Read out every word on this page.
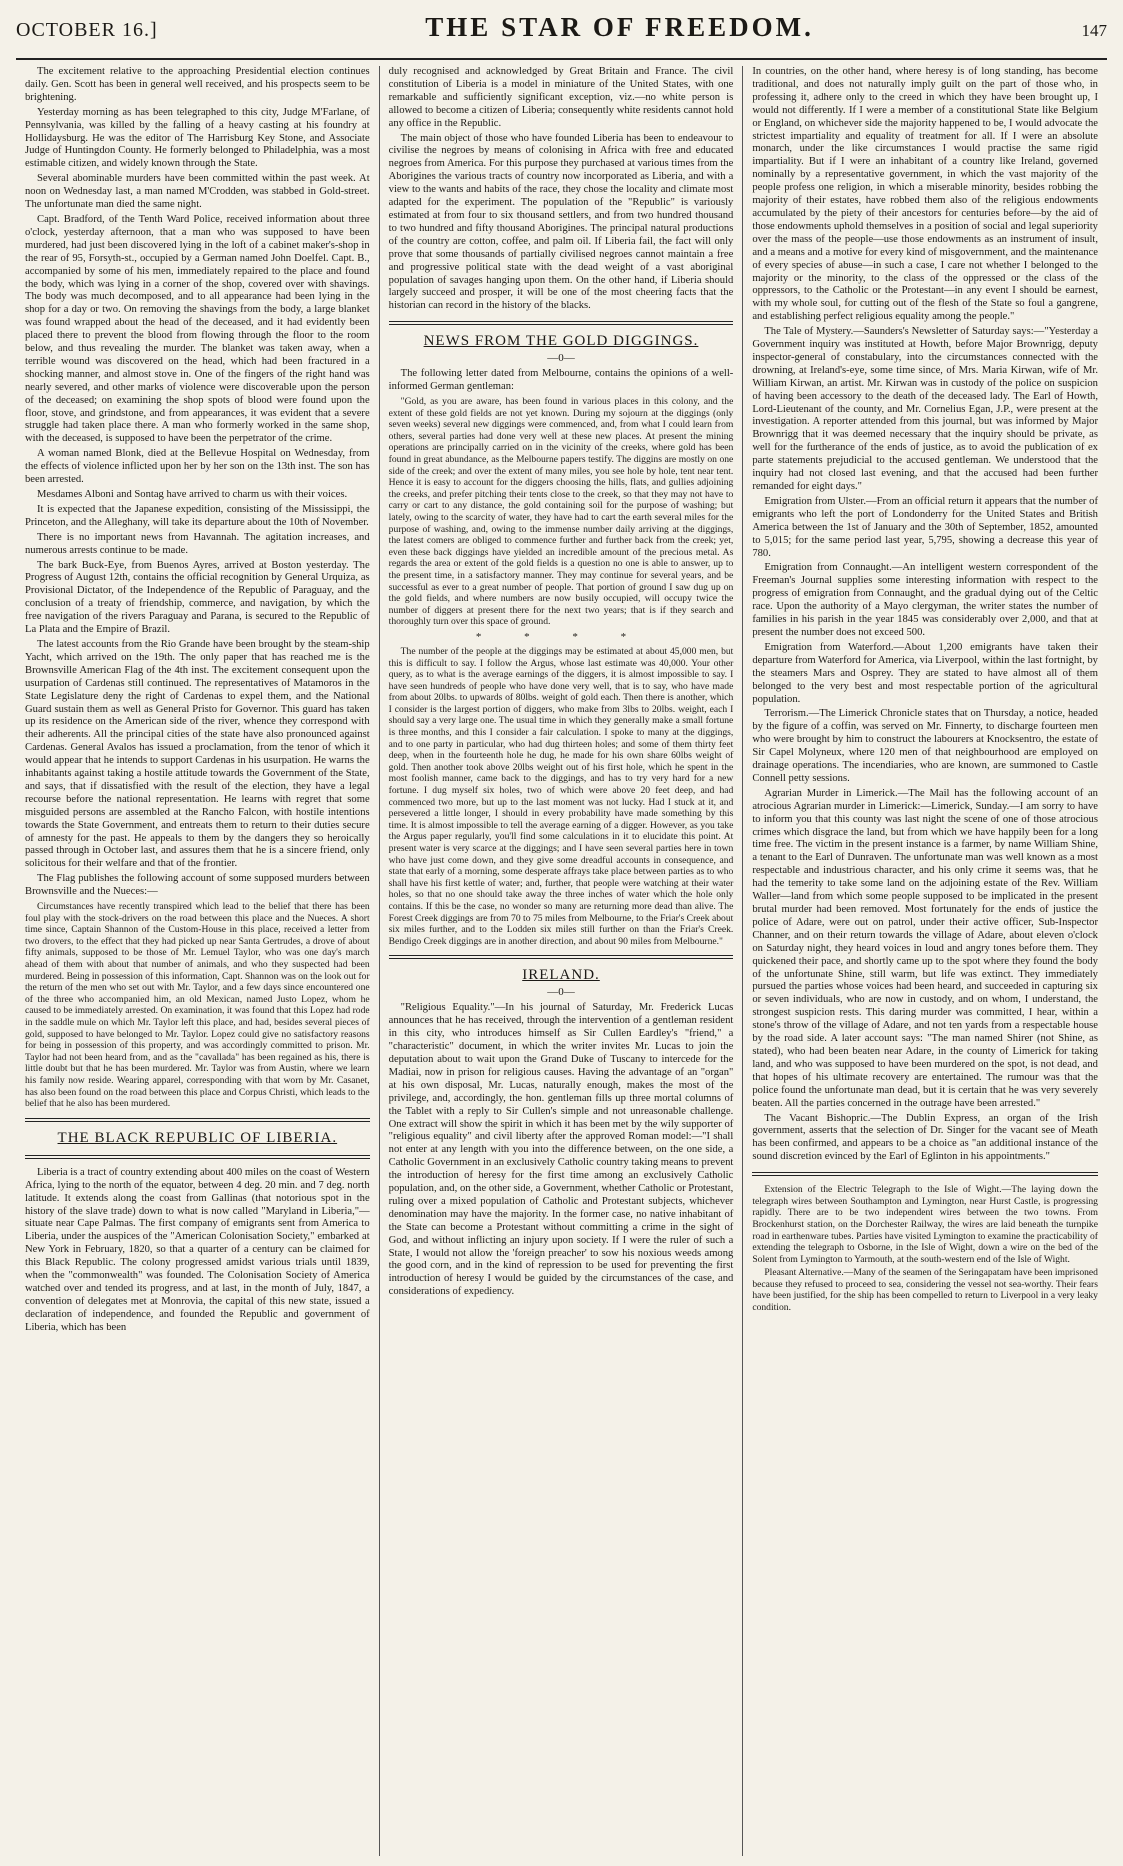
OCTOBER 16.]	THE STAR OF FREEDOM.	147

The excitement relative to the approaching Presidential election continues daily. Gen. Scott has been in general well received, and his prospects seem to be brightening.

Yesterday morning as has been telegraphed to this city, Judge M'Farlane, of Pennsylvania, was killed by the falling of a heavy casting at his foundry at Hollidaysburg. He was the editor of The Harrisburg Key Stone, and Associate Judge of Huntingdon County. He formerly belonged to Philadelphia, was a most estimable citizen, and widely known through the State.

Several abominable murders have been committed within the past week. At noon on Wednesday last, a man named M'Crodden, was stabbed in Gold-street. The unfortunate man died the same night.

Capt. Bradford, of the Tenth Ward Police, received information about three o'clock, yesterday afternoon, that a man who was supposed to have been murdered, had just been discovered lying in the loft of a cabinet maker's-shop in the rear of 95, Forsyth-st., occupied by a German named John Doelfel. Capt. B., accompanied by some of his men, immediately repaired to the place and found the body, which was lying in a corner of the shop, covered over with shavings. The body was much decomposed, and to all appearance had been lying in the shop for a day or two. On removing the shavings from the body, a large blanket was found wrapped about the head of the deceased, and it had evidently been placed there to prevent the blood from flowing through the floor to the room below, and thus revealing the murder. The blanket was taken away, when a terrible wound was discovered on the head, which had been fractured in a shocking manner, and almost stove in. One of the fingers of the right hand was nearly severed, and other marks of violence were discoverable upon the person of the deceased; on examining the shop spots of blood were found upon the floor, stove, and grindstone, and from appearances, it was evident that a severe struggle had taken place there. A man who formerly worked in the same shop, with the deceased, is supposed to have been the perpetrator of the crime.

A woman named Blonk, died at the Bellevue Hospital on Wednesday, from the effects of violence inflicted upon her by her son on the 13th inst. The son has been arrested.

Mesdames Alboni and Sontag have arrived to charm us with their voices.

It is expected that the Japanese expedition, consisting of the Mississippi, the Princeton, and the Alleghany, will take its departure about the 10th of November.

There is no important news from Havannah. The agitation increases, and numerous arrests continue to be made.

The bark Buck-Eye, from Buenos Ayres, arrived at Boston yesterday. The Progress of August 12th, contains the official recognition by General Urquiza, as Provisional Dictator, of the Independence of the Republic of Paraguay, and the conclusion of a treaty of friendship, commerce, and navigation, by which the free navigation of the rivers Paraguay and Parana, is secured to the Republic of La Plata and the Empire of Brazil.

The latest accounts from the Rio Grande have been brought by the steam-ship Yacht, which arrived on the 19th. The only paper that has reached me is the Brownsville American Flag of the 4th inst. The excitement consequent upon the usurpation of Cardenas still continued. The representatives of Matamoros in the State Legislature deny the right of Cardenas to expel them, and the National Guard sustain them as well as General Pristo for Governor. This guard has taken up its residence on the American side of the river, whence they correspond with their adherents. All the principal cities of the state have also pronounced against Cardenas. General Avalos has issued a proclamation, from the tenor of which it would appear that he intends to support Cardenas in his usurpation. He warns the inhabitants against taking a hostile attitude towards the Government of the State, and says, that if dissatisfied with the result of the election, they have a legal recourse before the national representation. He learns with regret that some misguided persons are assembled at the Rancho Falcon, with hostile intentions towards the State Government, and entreats them to return to their duties secure of amnesty for the past. He appeals to them by the dangers they so heroically passed through in October last, and assures them that he is a sincere friend, only solicitous for their welfare and that of the frontier.

The Flag publishes the following account of some supposed murders between Brownsville and the Nueces:—

Circumstances have recently transpired which lead to the belief that there has been foul play with the stock-drivers on the road between this place and the Nueces. A short time since, Captain Shannon of the Custom-House in this place, received a letter from two drovers, to the effect that they had picked up near Santa Gertrudes, a drove of about fifty animals, supposed to be those of Mr. Lemuel Taylor, who was one day's march ahead of them with about that number of animals, and who they suspected had been murdered. Being in possession of this information, Capt. Shannon was on the look out for the return of the men who set out with Mr. Taylor, and a few days since encountered one of the three who accompanied him, an old Mexican, named Justo Lopez, whom he caused to be immediately arrested. On examination, it was found that this Lopez had rode in the saddle mule on which Mr. Taylor left this place, and had, besides several pieces of gold, supposed to have belonged to Mr. Taylor. Lopez could give no satisfactory reasons for being in possession of this property, and was accordingly committed to prison. Mr. Taylor had not been heard from, and as the "cavallada" has been regained as his, there is little doubt but that he has been murdered. Mr. Taylor was from Austin, where we learn his family now reside. Wearing apparel, corresponding with that worn by Mr. Casanet, has also been found on the road between this place and Corpus Christi, which leads to the belief that he also has been murdered.

THE BLACK REPUBLIC OF LIBERIA.

Liberia is a tract of country extending about 400 miles on the coast of Western Africa, lying to the north of the equator, between 4 deg. 20 min. and 7 deg. north latitude. It extends along the coast from Gallinas (that notorious spot in the history of the slave trade) down to what is now called "Maryland in Liberia,"—situate near Cape Palmas. The first company of emigrants sent from America to Liberia, under the auspices of the "American Colonisation Society," embarked at New York in February, 1820, so that a quarter of a century can be claimed for this Black Republic. The colony progressed amidst various trials until 1839, when the "commonwealth" was founded. The Colonisation Society of America watched over and tended its progress, and at last, in the month of July, 1847, a convention of delegates met at Monrovia, the capital of this new state, issued a declaration of independence, and founded the Republic and government of Liberia, which has been

duly recognised and acknowledged by Great Britain and France. The civil constitution of Liberia is a model in miniature of the United States, with one remarkable and sufficiently significant exception, viz.—no white person is allowed to become a citizen of Liberia; consequently white residents cannot hold any office in the Republic.

The main object of those who have founded Liberia has been to endeavour to civilise the negroes by means of colonising in Africa with free and educated negroes from America. For this purpose they purchased at various times from the Aborigines the various tracts of country now incorporated as Liberia, and with a view to the wants and habits of the race, they chose the locality and climate most adapted for the experiment. The population of the "Republic" is variously estimated at from four to six thousand settlers, and from two hundred thousand to two hundred and fifty thousand Aborigines. The principal natural productions of the country are cotton, coffee, and palm oil. If Liberia fail, the fact will only prove that some thousands of partially civilised negroes cannot maintain a free and progressive political state with the dead weight of a vast aboriginal population of savages hanging upon them. On the other hand, if Liberia should largely succeed and prosper, it will be one of the most cheering facts that the historian can record in the history of the blacks.

NEWS FROM THE GOLD DIGGINGS.
—0—

The following letter dated from Melbourne, contains the opinions of a well-informed German gentleman:

"Gold, as you are aware, has been found in various places in this colony, and the extent of these gold fields are not yet known. During my sojourn at the diggings (only seven weeks) several new diggings were commenced, and, from what I could learn from others, several parties had done very well at these new places. At present the mining operations are principally carried on in the vicinity of the creeks, where gold has been found in great abundance, as the Melbourne papers testify. The diggins are mostly on one side of the creek; and over the extent of many miles, you see hole by hole, tent near tent. Hence it is easy to account for the diggers choosing the hills, flats, and gullies adjoining the creeks, and prefer pitching their tents close to the creek, so that they may not have to carry or cart to any distance, the gold containing soil for the purpose of washing; but lately, owing to the scarcity of water, they have had to cart the earth several miles for the purpose of washing, and, owing to the immense number daily arriving at the diggings, the latest comers are obliged to commence further and further back from the creek; yet, even these back diggings have yielded an incredible amount of the precious metal. As regards the area or extent of the gold fields is a question no one is able to answer, up to the present time, in a satisfactory manner. They may continue for several years, and be successful as ever to a great number of people. That portion of ground I saw dug up on the gold fields, and where numbers are now busily occupied, will occupy twice the number of diggers at present there for the next two years; that is if they search and thoroughly turn over this space of ground.

* * * *

The number of the people at the diggings may be estimated at about 45,000 men, but this is difficult to say. I follow the Argus, whose last estimate was 40,000. Your other query, as to what is the average earnings of the diggers, it is almost impossible to say. I have seen hundreds of people who have done very well, that is to say, who have made from about 20lbs. to upwards of 80lbs. weight of gold each. Then there is another, which I consider is the largest portion of diggers, who make from 3lbs to 20lbs. weight, each I should say a very large one. The usual time in which they generally make a small fortune is three months, and this I consider a fair calculation. I spoke to many at the diggings, and to one party in particular, who had dug thirteen holes; and some of them thirty feet deep, when in the fourteenth hole he dug, he made for his own share 60lbs weight of gold. Then another took above 20lbs weight out of his first hole, which he spent in the most foolish manner, came back to the diggings, and has to try very hard for a new fortune. I dug myself six holes, two of which were above 20 feet deep, and had commenced two more, but up to the last moment was not lucky. Had I stuck at it, and persevered a little longer, I should in every probability have made something by this time. It is almost impossible to tell the average earning of a digger. However, as you take the Argus paper regularly, you'll find some calculations in it to elucidate this point. At present water is very scarce at the diggings; and I have seen several parties here in town who have just come down, and they give some dreadful accounts in consequence, and state that early of a morning, some desperate affrays take place between parties as to who shall have his first kettle of water; and, further, that people were watching at their water holes, so that no one should take away the three inches of water which the hole only contains. If this be the case, no wonder so many are returning more dead than alive. The Forest Creek diggings are from 70 to 75 miles from Melbourne, to the Friar's Creek about six miles further, and to the Lodden six miles still further on than the Friar's Creek. Bendigo Creek diggings are in another direction, and about 90 miles from Melbourne."

IRELAND.
—0—

"Religious Equality."—In his journal of Saturday, Mr. Frederick Lucas announces that he has received, through the intervention of a gentleman resident in this city, who introduces himself as Sir Cullen Eardley's "friend," a "characteristic" document, in which the writer invites Mr. Lucas to join the deputation about to wait upon the Grand Duke of Tuscany to intercede for the Madiai, now in prison for religious causes. Having the advantage of an "organ" at his own disposal, Mr. Lucas, naturally enough, makes the most of the privilege, and, accordingly, the hon. gentleman fills up three mortal columns of the Tablet with a reply to Sir Cullen's simple and not unreasonable challenge. One extract will show the spirit in which it has been met by the wily supporter of "religious equality" and civil liberty after the approved Roman model:—"I shall not enter at any length with you into the difference between, on the one side, a Catholic Government in an exclusively Catholic country taking means to prevent the introduction of heresy for the first time among an exclusively Catholic population, and, on the other side, a Government, whether Catholic or Protestant, ruling over a mixed population of Catholic and Protestant subjects, whichever denomination may have the majority. In the former case, no native inhabitant of the State can become a Protestant without committing a crime in the sight of God, and without inflicting an injury upon society. If I were the ruler of such a State, I would not allow the 'foreign preacher' to sow his noxious weeds among the good corn, and in the kind of repression to be used for preventing the first introduction of heresy I would be guided by the circumstances of the case, and considerations of expediency.

In countries, on the other hand, where heresy is of long standing, has become traditional, and does not naturally imply guilt on the part of those who, in professing it, adhere only to the creed in which they have been brought up, I would not differently. If I were a member of a constitutional State like Belgium or England, on whichever side the majority happened to be, I would advocate the strictest impartiality and equality of treatment for all. If I were an absolute monarch, under the like circumstances I would practise the same rigid impartiality. But if I were an inhabitant of a country like Ireland, governed nominally by a representative government, in which the vast majority of the people profess one religion, in which a miserable minority, besides robbing the majority of their estates, have robbed them also of the religious endowments accumulated by the piety of their ancestors for centuries before—by the aid of those endowments uphold themselves in a position of social and legal superiority over the mass of the people—use those endowments as an instrument of insult, and a means and a motive for every kind of misgovernment, and the maintenance of every species of abuse—in such a case, I care not whether I belonged to the majority or the minority, to the class of the oppressed or the class of the oppressors, to the Catholic or the Protestant—in any event I should be earnest, with my whole soul, for cutting out of the flesh of the State so foul a gangrene, and establishing perfect religious equality among the people."

The Tale of Mystery.—Saunders's Newsletter of Saturday says:—"Yesterday a Government inquiry was instituted at Howth, before Major Brownrigg, deputy inspector-general of constabulary, into the circumstances connected with the drowning, at Ireland's-eye, some time since, of Mrs. Maria Kirwan, wife of Mr. William Kirwan, an artist. Mr. Kirwan was in custody of the police on suspicion of having been accessory to the death of the deceased lady. The Earl of Howth, Lord-Lieutenant of the county, and Mr. Cornelius Egan, J.P., were present at the investigation. A reporter attended from this journal, but was informed by Major Brownrigg that it was deemed necessary that the inquiry should be private, as well for the furtherance of the ends of justice, as to avoid the publication of ex parte statements prejudicial to the accused gentleman. We understood that the inquiry had not closed last evening, and that the accused had been further remanded for eight days."

Emigration from Ulster.—From an official return it appears that the number of emigrants who left the port of Londonderry for the United States and British America between the 1st of January and the 30th of September, 1852, amounted to 5,015; for the same period last year, 5,795, showing a decrease this year of 780.

Emigration from Connaught.—An intelligent western correspondent of the Freeman's Journal supplies some interesting information with respect to the progress of emigration from Connaught, and the gradual dying out of the Celtic race. Upon the authority of a Mayo clergyman, the writer states the number of families in his parish in the year 1845 was considerably over 2,000, and that at present the number does not exceed 500.

Emigration from Waterford.—About 1,200 emigrants have taken their departure from Waterford for America, via Liverpool, within the last fortnight, by the steamers Mars and Osprey. They are stated to have almost all of them belonged to the very best and most respectable portion of the agricultural population.

Terrorism.—The Limerick Chronicle states that on Thursday, a notice, headed by the figure of a coffin, was served on Mr. Finnerty, to discharge fourteen men who were brought by him to construct the labourers at Knocksentro, the estate of Sir Capel Molyneux, where 120 men of that neighbourhood are employed on drainage operations. The incendiaries, who are known, are summoned to Castle Connell petty sessions.

Agrarian Murder in Limerick.—The Mail has the following account of an atrocious Agrarian murder in Limerick:—Limerick, Sunday.—I am sorry to have to inform you that this county was last night the scene of one of those atrocious crimes which disgrace the land, but from which we have happily been for a long time free. The victim in the present instance is a farmer, by name William Shine, a tenant to the Earl of Dunraven. The unfortunate man was well known as a most respectable and industrious character, and his only crime it seems was, that he had the temerity to take some land on the adjoining estate of the Rev. William Waller—land from which some people supposed to be implicated in the present brutal murder had been removed. Most fortunately for the ends of justice the police of Adare, were out on patrol, under their active officer, Sub-Inspector Channer, and on their return towards the village of Adare, about eleven o'clock on Saturday night, they heard voices in loud and angry tones before them. They quickened their pace, and shortly came up to the spot where they found the body of the unfortunate Shine, still warm, but life was extinct. They immediately pursued the parties whose voices had been heard, and succeeded in capturing six or seven individuals, who are now in custody, and on whom, I understand, the strongest suspicion rests. This daring murder was committed, I hear, within a stone's throw of the village of Adare, and not ten yards from a respectable house by the road side. A later account says: "The man named Shirer (not Shine, as stated), who had been beaten near Adare, in the county of Limerick for taking land, and who was supposed to have been murdered on the spot, is not dead, and that hopes of his ultimate recovery are entertained. The rumour was that the police found the unfortunate man dead, but it is certain that he was very severely beaten. All the parties concerned in the outrage have been arrested."

The Vacant Bishopric.—The Dublin Express, an organ of the Irish government, asserts that the selection of Dr. Singer for the vacant see of Meath has been confirmed, and appears to be a choice as "an additional instance of the sound discretion evinced by the Earl of Eglinton in his appointments."

Extension of the Electric Telegraph to the Isle of Wight.—The laying down the telegraph wires between Southampton and Lymington, near Hurst Castle, is progressing rapidly. There are to be two independent wires between the two towns. From Brockenhurst station, on the Dorchester Railway, the wires are laid beneath the turnpike road in earthenware tubes. Parties have visited Lymington to examine the practicability of extending the telegraph to Osborne, in the Isle of Wight, down a wire on the bed of the Solent from Lymington to Yarmouth, at the south-western end of the Isle of Wight.

Pleasant Alternative.—Many of the seamen of the Seringapatam have been imprisoned because they refused to proceed to sea, considering the vessel not sea-worthy. Their fears have been justified, for the ship has been compelled to return to Liverpool in a very leaky condition.
